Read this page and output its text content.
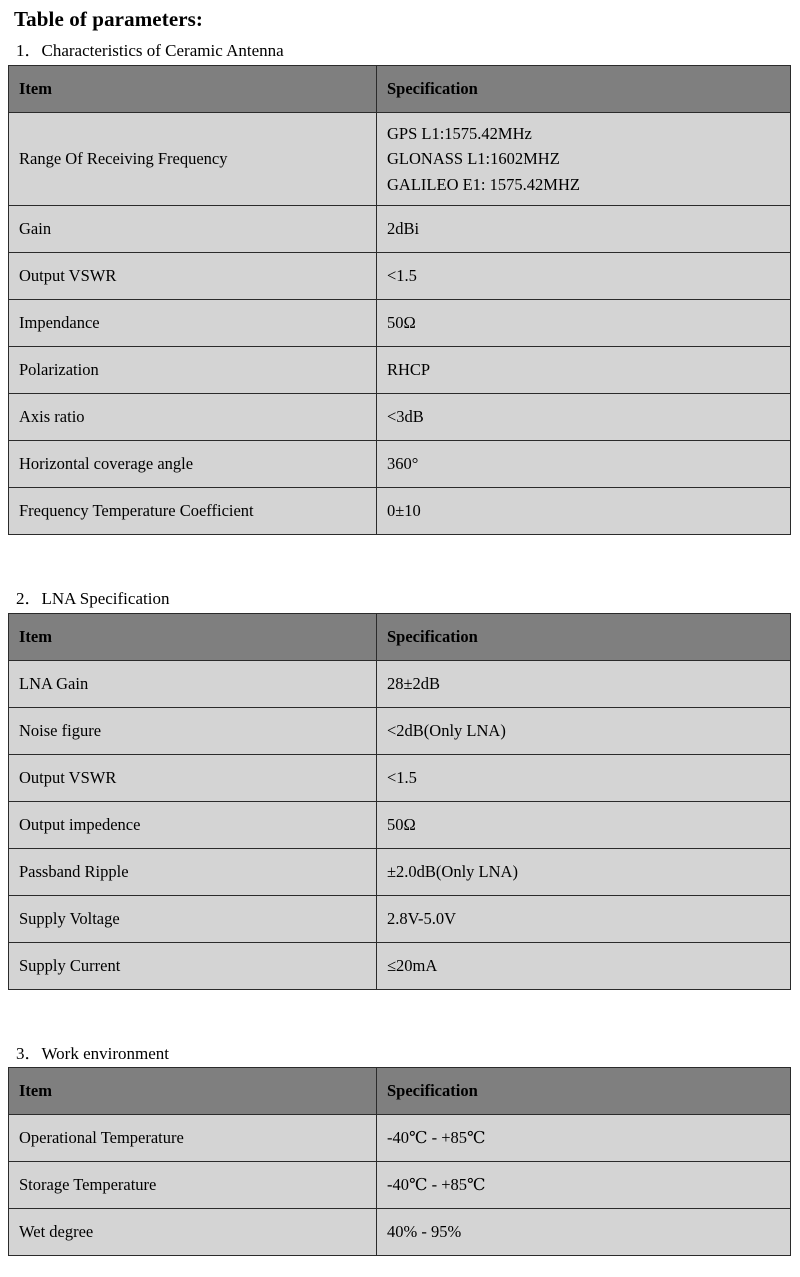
Table of parameters:
1．Characteristics of Ceramic Antenna
Item	Specification
Range Of Receiving Frequency	GPS L1:1575.42MHz
GLONASS L1:1602MHZ
GALILEO E1: 1575.42MHZ

Gain	2dBi
Output VSWR	<1.5
Impendance	50Ω
Polarization	RHCP
Axis ratio	<3dB
Horizontal coverage angle	360°
Frequency Temperature Coefficient	0±10
2．LNA Specification
Item	Specification
LNA Gain	28±2dB
Noise figure	<2dB(Only LNA)
Output VSWR	<1.5
Output impedence	50Ω
Passband Ripple	±2.0dB(Only LNA)
Supply Voltage	2.8V-5.0V
Supply Current	≤20mA
3．Work environment
Item	Specification
Operational Temperature	-40℃ - +85℃
Storage Temperature	-40℃ - +85℃
Wet degree	40% - 95%
